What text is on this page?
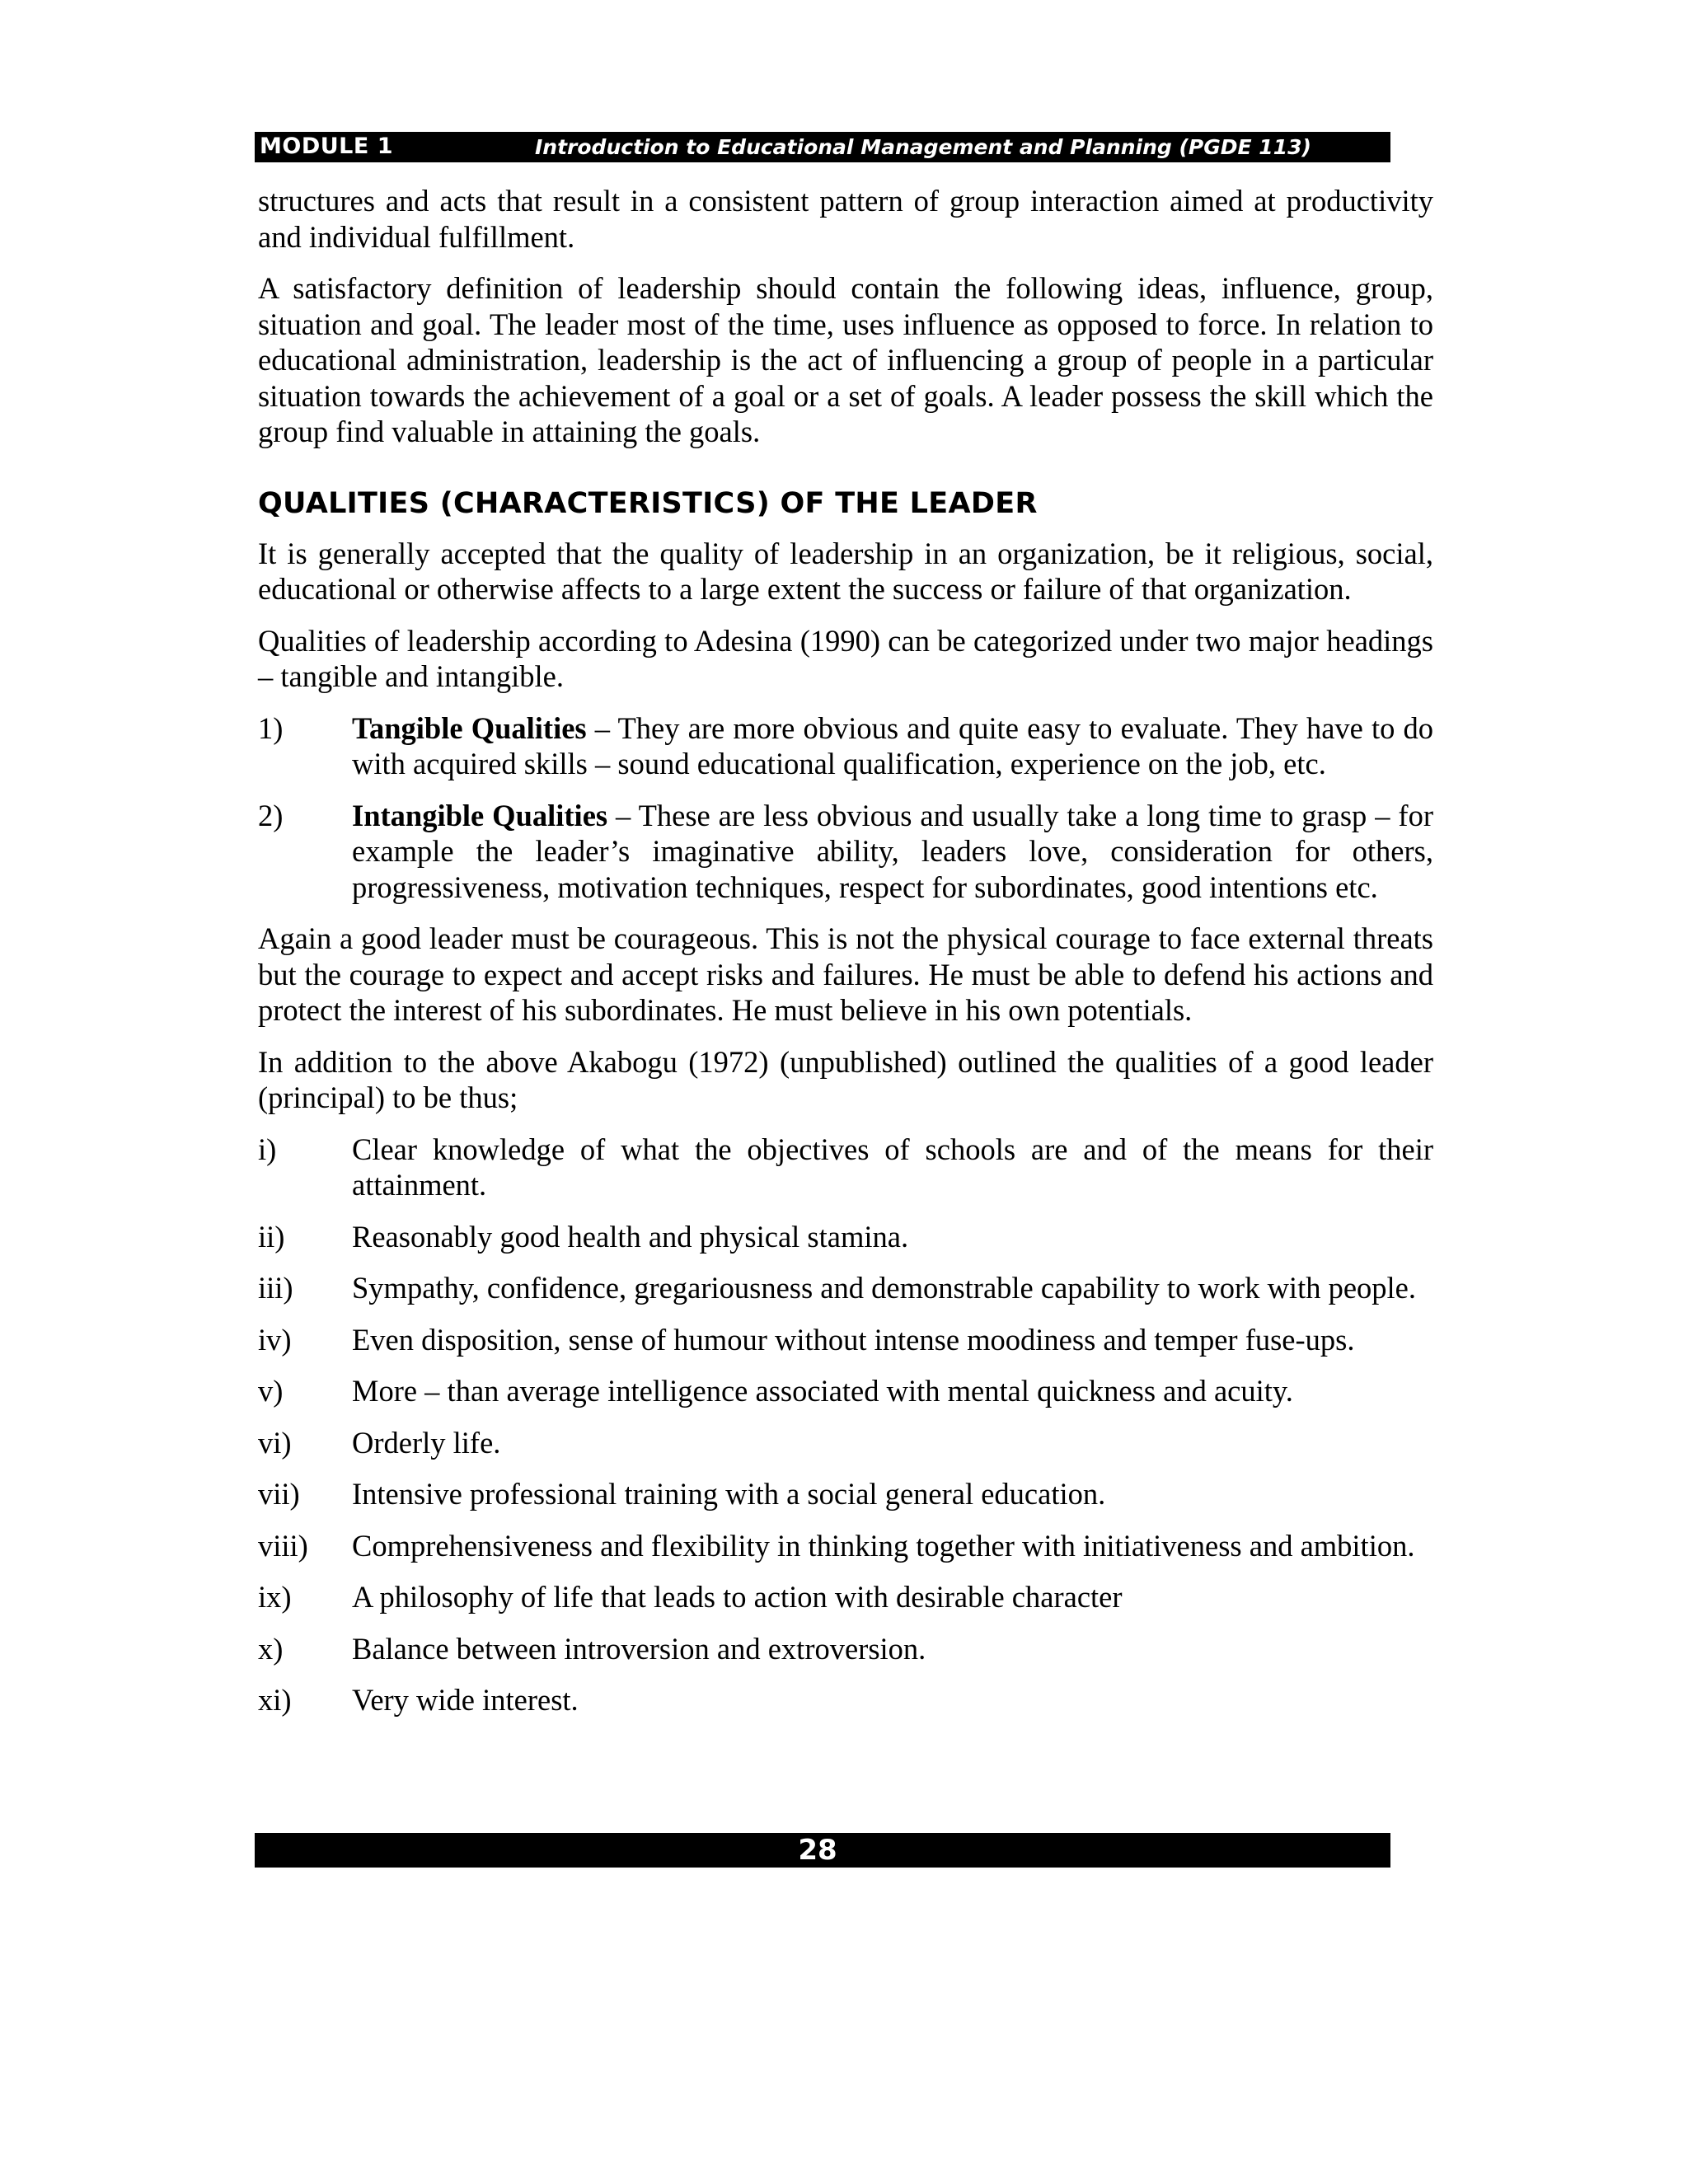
MODULE 1	Introduction to Educational Management and Planning (PGDE 113)

structures and acts that result in a consistent pattern of group interaction aimed at productivity and individual fulfillment.

A satisfactory definition of leadership should contain the following ideas, influence, group, situation and goal. The leader most of the time, uses influence as opposed to force. In relation to educational administration, leadership is the act of influencing a group of people in a particular situation towards the achievement of a goal or a set of goals. A leader possess the skill which the group find valuable in attaining the goals.

QUALITIES (CHARACTERISTICS) OF THE LEADER

It is generally accepted that the quality of leadership in an organization, be it religious, social, educational or otherwise affects to a large extent the success or failure of that organization.

Qualities of leadership according to Adesina (1990) can be categorized under two major headings – tangible and intangible.

1)	Tangible Qualities – They are more obvious and quite easy to evaluate. They have to do with acquired skills – sound educational qualification, experience on the job, etc.
2)	Intangible Qualities – These are less obvious and usually take a long time to grasp – for example the leader’s imaginative ability, leaders love, consideration for others, progressiveness, motivation techniques, respect for subordinates, good intentions etc.

Again a good leader must be courageous. This is not the physical courage to face external threats but the courage to expect and accept risks and failures. He must be able to defend his actions and protect the interest of his subordinates. He must believe in his own potentials.

In addition to the above Akabogu (1972) (unpublished) outlined the qualities of a good leader (principal) to be thus;

i)	Clear knowledge of what the objectives of schools are and of the means for their attainment.
ii)	Reasonably good health and physical stamina.
iii)	Sympathy, confidence, gregariousness and demonstrable capability to work with people.
iv)	Even disposition, sense of humour without intense moodiness and temper fuse-ups.
v)	More – than average intelligence associated with mental quickness and acuity.
vi)	Orderly life.
vii)	Intensive professional training with a social general education.
viii)	Comprehensiveness and flexibility in thinking together with initiativeness and ambition.
ix)	A philosophy of life that leads to action with desirable character
x)	Balance between introversion and extroversion.
xi)	Very wide interest.
28
